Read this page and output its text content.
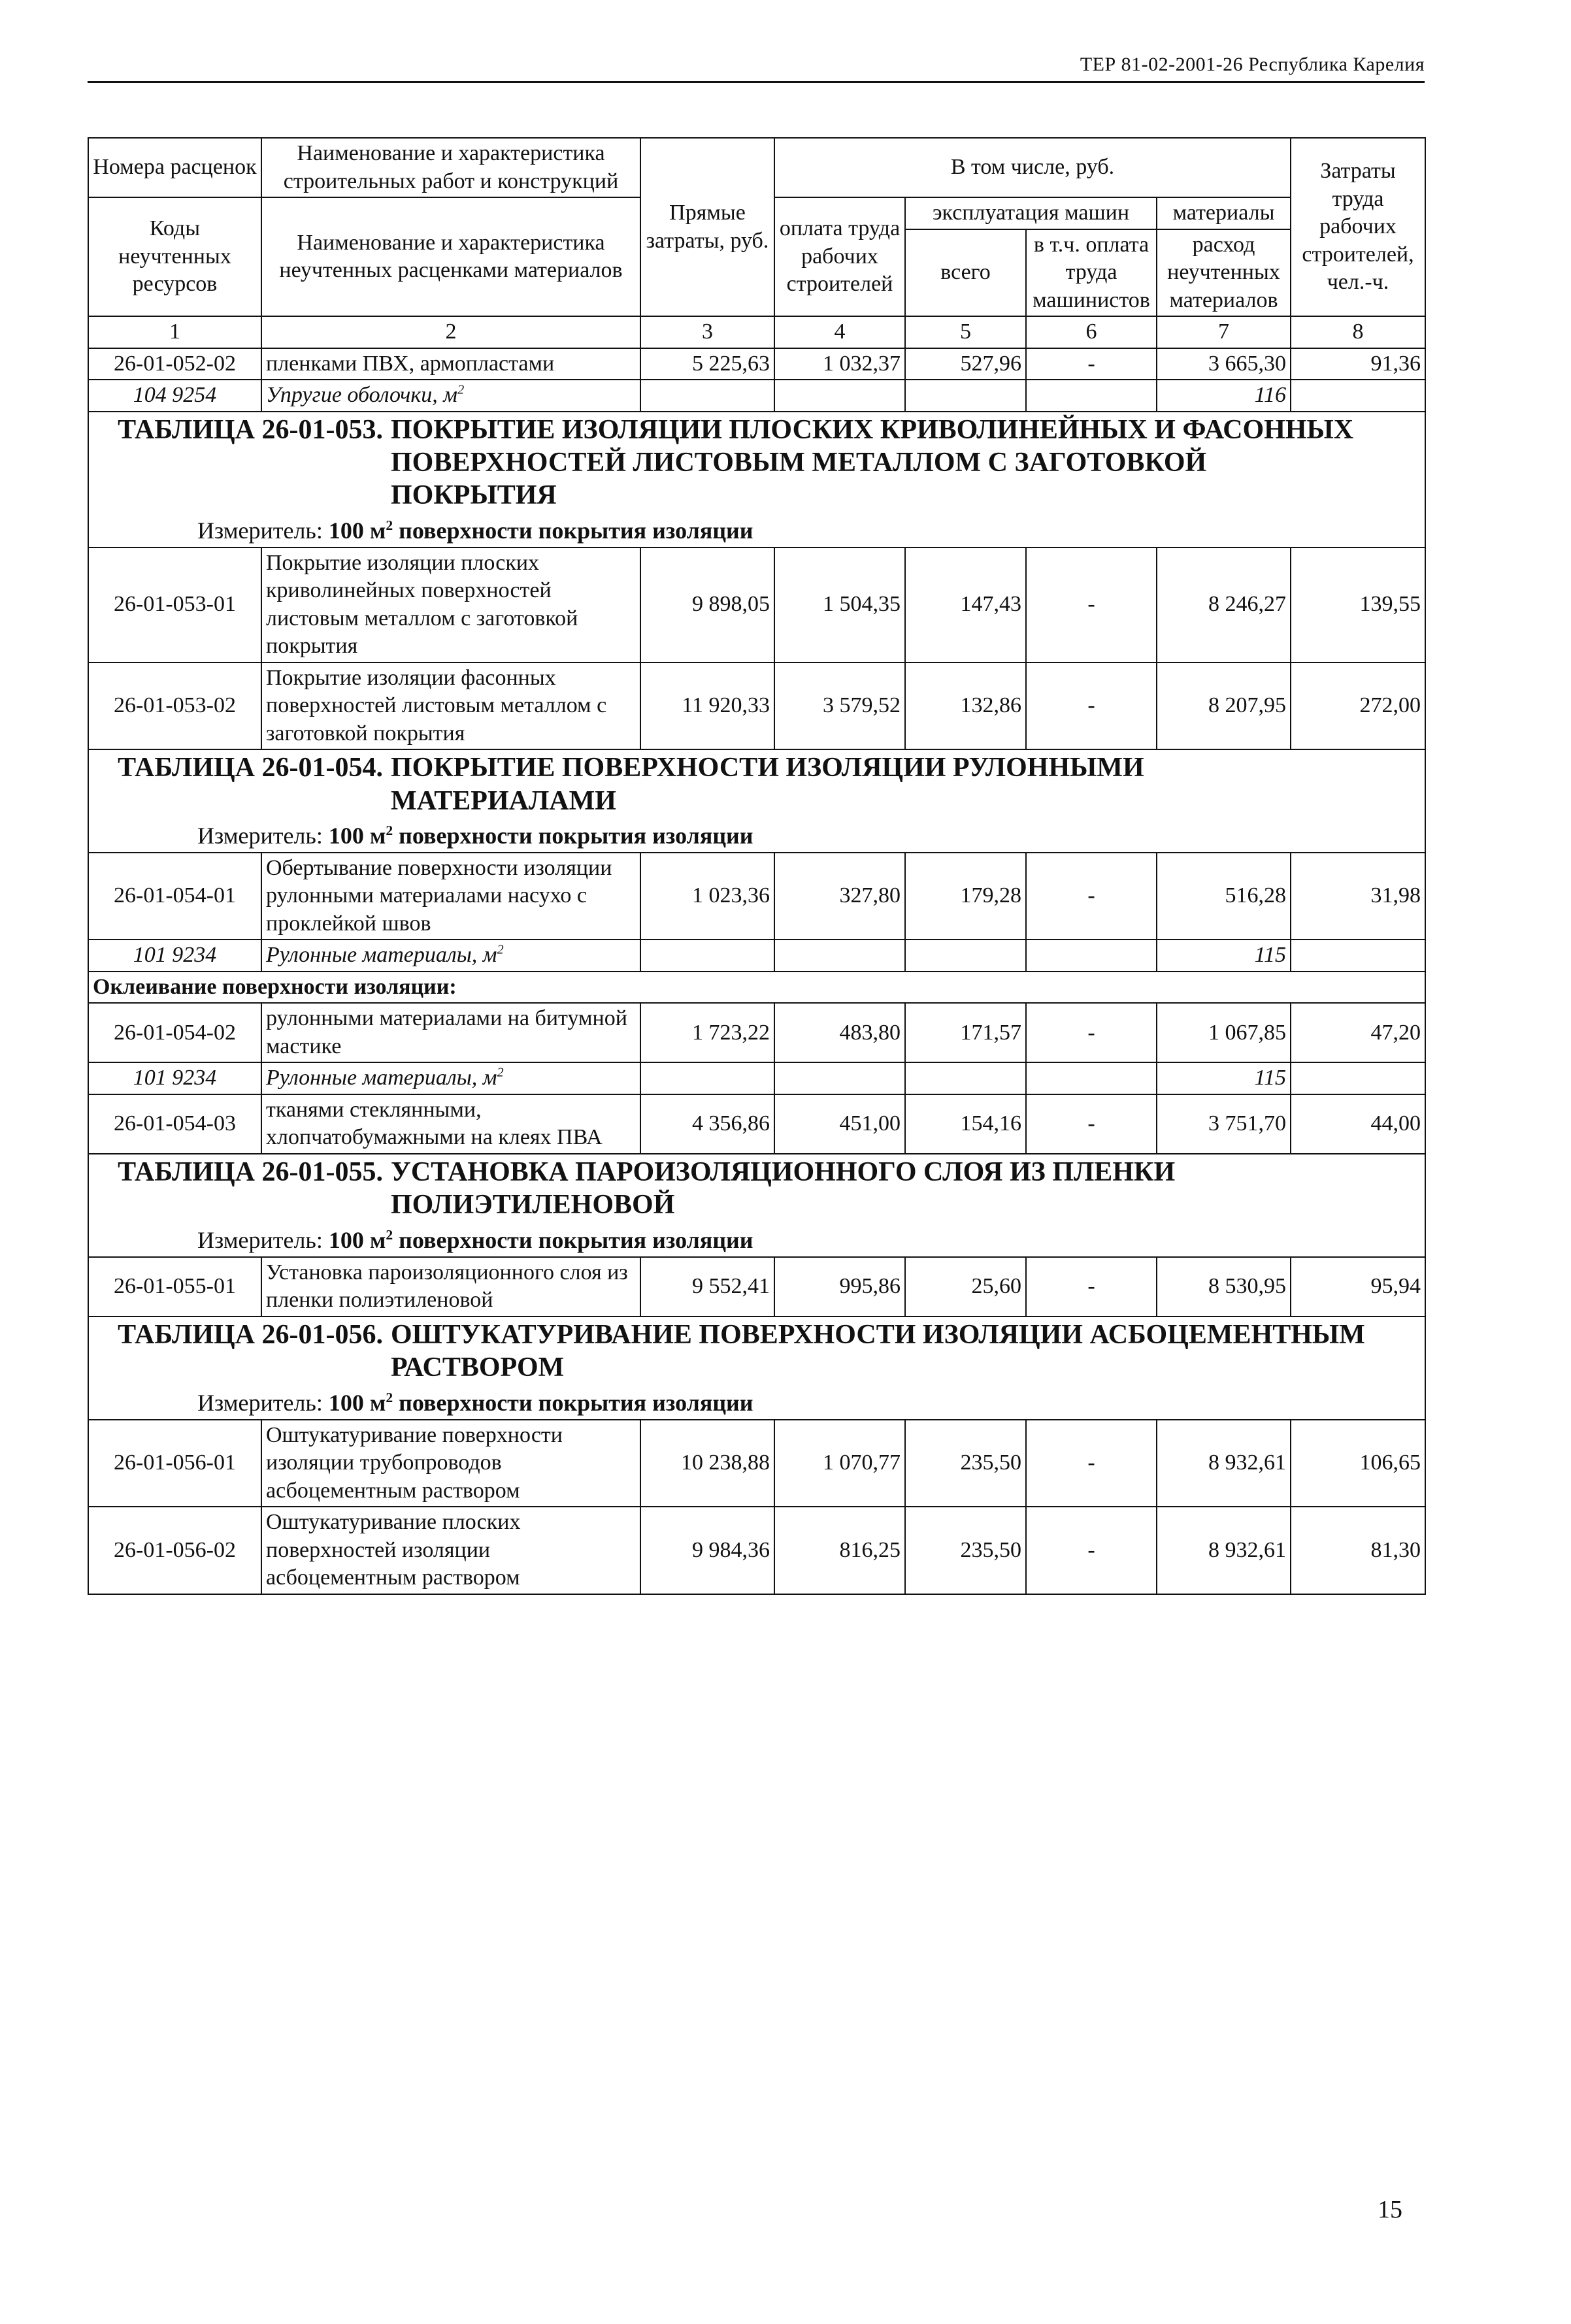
ТЕР 81-02-2001-26 Республика Карелия
Номера расценок	Наименование и характеристика строительных работ и конструкций	Прямые затраты, руб.	В том числе, руб.				Затраты труда рабочих строителей, чел.-ч.
Коды неучтенных ресурсов	Наименование и характеристика неучтенных расценками материалов		оплата труда рабочих строителей	эксплуатация машин		материалы	
				всего	в т.ч. оплата труда машинистов	расход неучтенных материалов	
1	2	3	4	5	6	7	8
26-01-052-02	пленками ПВХ, армопластами	5 225,63	1 032,37	527,96	-	3 665,30	91,36
104 9254	Упругие оболочки, $м^2$					116	

ТАБЛИЦА 26-01-053. ПОКРЫТИЕ ИЗОЛЯЦИИ ПЛОСКИХ КРИВОЛИНЕЙНЫХ И ФАСОННЫХ ПОВЕРХНОСТЕЙ ЛИСТОВЫМ МЕТАЛЛОМ С ЗАГОТОВКОЙ ПОКРЫТИЯ
Измеритель: 100 $м^2$ поверхности покрытия изоляции							

26-01-053-01	Покрытие изоляции плоских криволинейных поверхностей листовым металлом с заготовкой покрытия	9 898,05	1 504,35	147,43	-	8 246,27	139,55
26-01-053-02	Покрытие изоляции фасонных поверхностей листовым металлом с заготовкой покрытия	11 920,33	3 579,52	132,86	-	8 207,95	272,00

ТАБЛИЦА 26-01-054. ПОКРЫТИЕ ПОВЕРХНОСТИ ИЗОЛЯЦИИ РУЛОННЫМИ МАТЕРИАЛАМИ
Измеритель: 100 $м^2$ поверхности покрытия изоляции							

26-01-054-01	Обертывание поверхности изоляции рулонными материалами насухо с проклейкой швов	1 023,36	327,80	179,28	-	516,28	31,98
101 9234	Рулонные материалы, $м^2$					115	
Оклеивание поверхности изоляции:							
26-01-054-02	рулонными материалами на битумной мастике	1 723,22	483,80	171,57	-	1 067,85	47,20
101 9234	Рулонные материалы, $м^2$					115	
26-01-054-03	тканями стеклянными, хлопчатобумажными на клеях ПВА	4 356,86	451,00	154,16	-	3 751,70	44,00

ТАБЛИЦА 26-01-055. УСТАНОВКА ПАРОИЗОЛЯЦИОННОГО СЛОЯ ИЗ ПЛЕНКИ ПОЛИЭТИЛЕНОВОЙ
Измеритель: 100 $м^2$ поверхности покрытия изоляции							

26-01-055-01	Установка пароизоляционного слоя из пленки полиэтиленовой	9 552,41	995,86	25,60	-	8 530,95	95,94

ТАБЛИЦА 26-01-056. ОШТУКАТУРИВАНИЕ ПОВЕРХНОСТИ ИЗОЛЯЦИИ АСБОЦЕМЕНТНЫМ РАСТВОРОМ
Измеритель: 100 $м^2$ поверхности покрытия изоляции							

26-01-056-01	Оштукатуривание поверхности изоляции трубопроводов асбоцементным раствором	10 238,88	1 070,77	235,50	-	8 932,61	106,65
26-01-056-02	Оштукатуривание плоских поверхностей изоляции асбоцементным раствором	9 984,36	816,25	235,50	-	8 932,61	81,30
15
